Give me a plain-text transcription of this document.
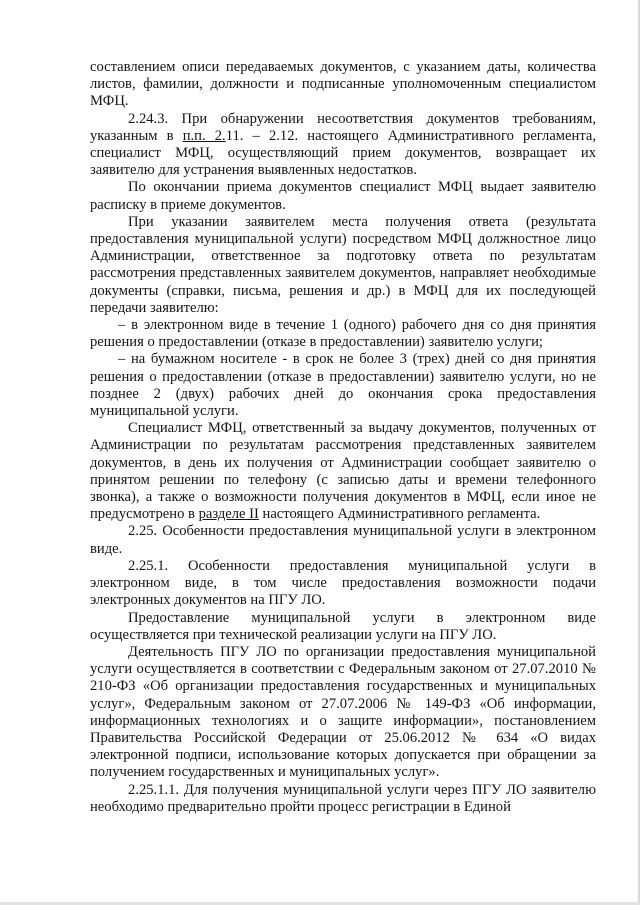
составлением описи передаваемых документов, с указанием даты, количества листов, фамилии, должности и подписанные уполномоченным специалистом МФЦ.

2.24.3. При обнаружении несоответствия документов требованиям, указанным в п.п. 2.11. – 2.12. настоящего Административного регламента, специалист МФЦ, осуществляющий прием документов, возвращает их заявителю для устранения выявленных недостатков.

По окончании приема документов специалист МФЦ выдает заявителю расписку в приеме документов.

При указании заявителем места получения ответа (результата предоставления муниципальной услуги) посредством МФЦ должностное лицо Администрации, ответственное за подготовку ответа по результатам рассмотрения представленных заявителем документов, направляет необходимые документы (справки, письма, решения и др.) в МФЦ для их последующей передачи заявителю:

– в электронном виде в течение 1 (одного) рабочего дня со дня принятия решения о предоставлении (отказе в предоставлении) заявителю услуги;

– на бумажном носителе - в срок не более 3 (трех) дней со дня принятия решения о предоставлении (отказе в предоставлении) заявителю услуги, но не позднее 2 (двух) рабочих дней до окончания срока предоставления муниципальной услуги.

Специалист МФЦ, ответственный за выдачу документов, полученных от Администрации по результатам рассмотрения представленных заявителем документов, в день их получения от Администрации сообщает заявителю о принятом решении по телефону (с записью даты и времени телефонного звонка), а также о возможности получения документов в МФЦ, если иное не предусмотрено в разделе II настоящего Административного регламента.

2.25. Особенности предоставления муниципальной услуги в электронном виде.

2.25.1. Особенности предоставления муниципальной услуги в электронном виде, в том числе предоставления возможности подачи электронных документов на ПГУ ЛО.

Предоставление муниципальной услуги в электронном виде осуществляется при технической реализации услуги на ПГУ ЛО.

Деятельность ПГУ ЛО по организации предоставления муниципальной услуги осуществляется в соответствии с Федеральным законом от 27.07.2010 № 210-ФЗ «Об организации предоставления государственных и муниципальных услуг», Федеральным законом от 27.07.2006 № 149-ФЗ «Об информации, информационных технологиях и о защите информации», постановлением Правительства Российской Федерации от 25.06.2012 № 634 «О видах электронной подписи, использование которых допускается при обращении за получением государственных и муниципальных услуг».

2.25.1.1. Для получения муниципальной услуги через ПГУ ЛО заявителю необходимо предварительно пройти процесс регистрации в Единой
